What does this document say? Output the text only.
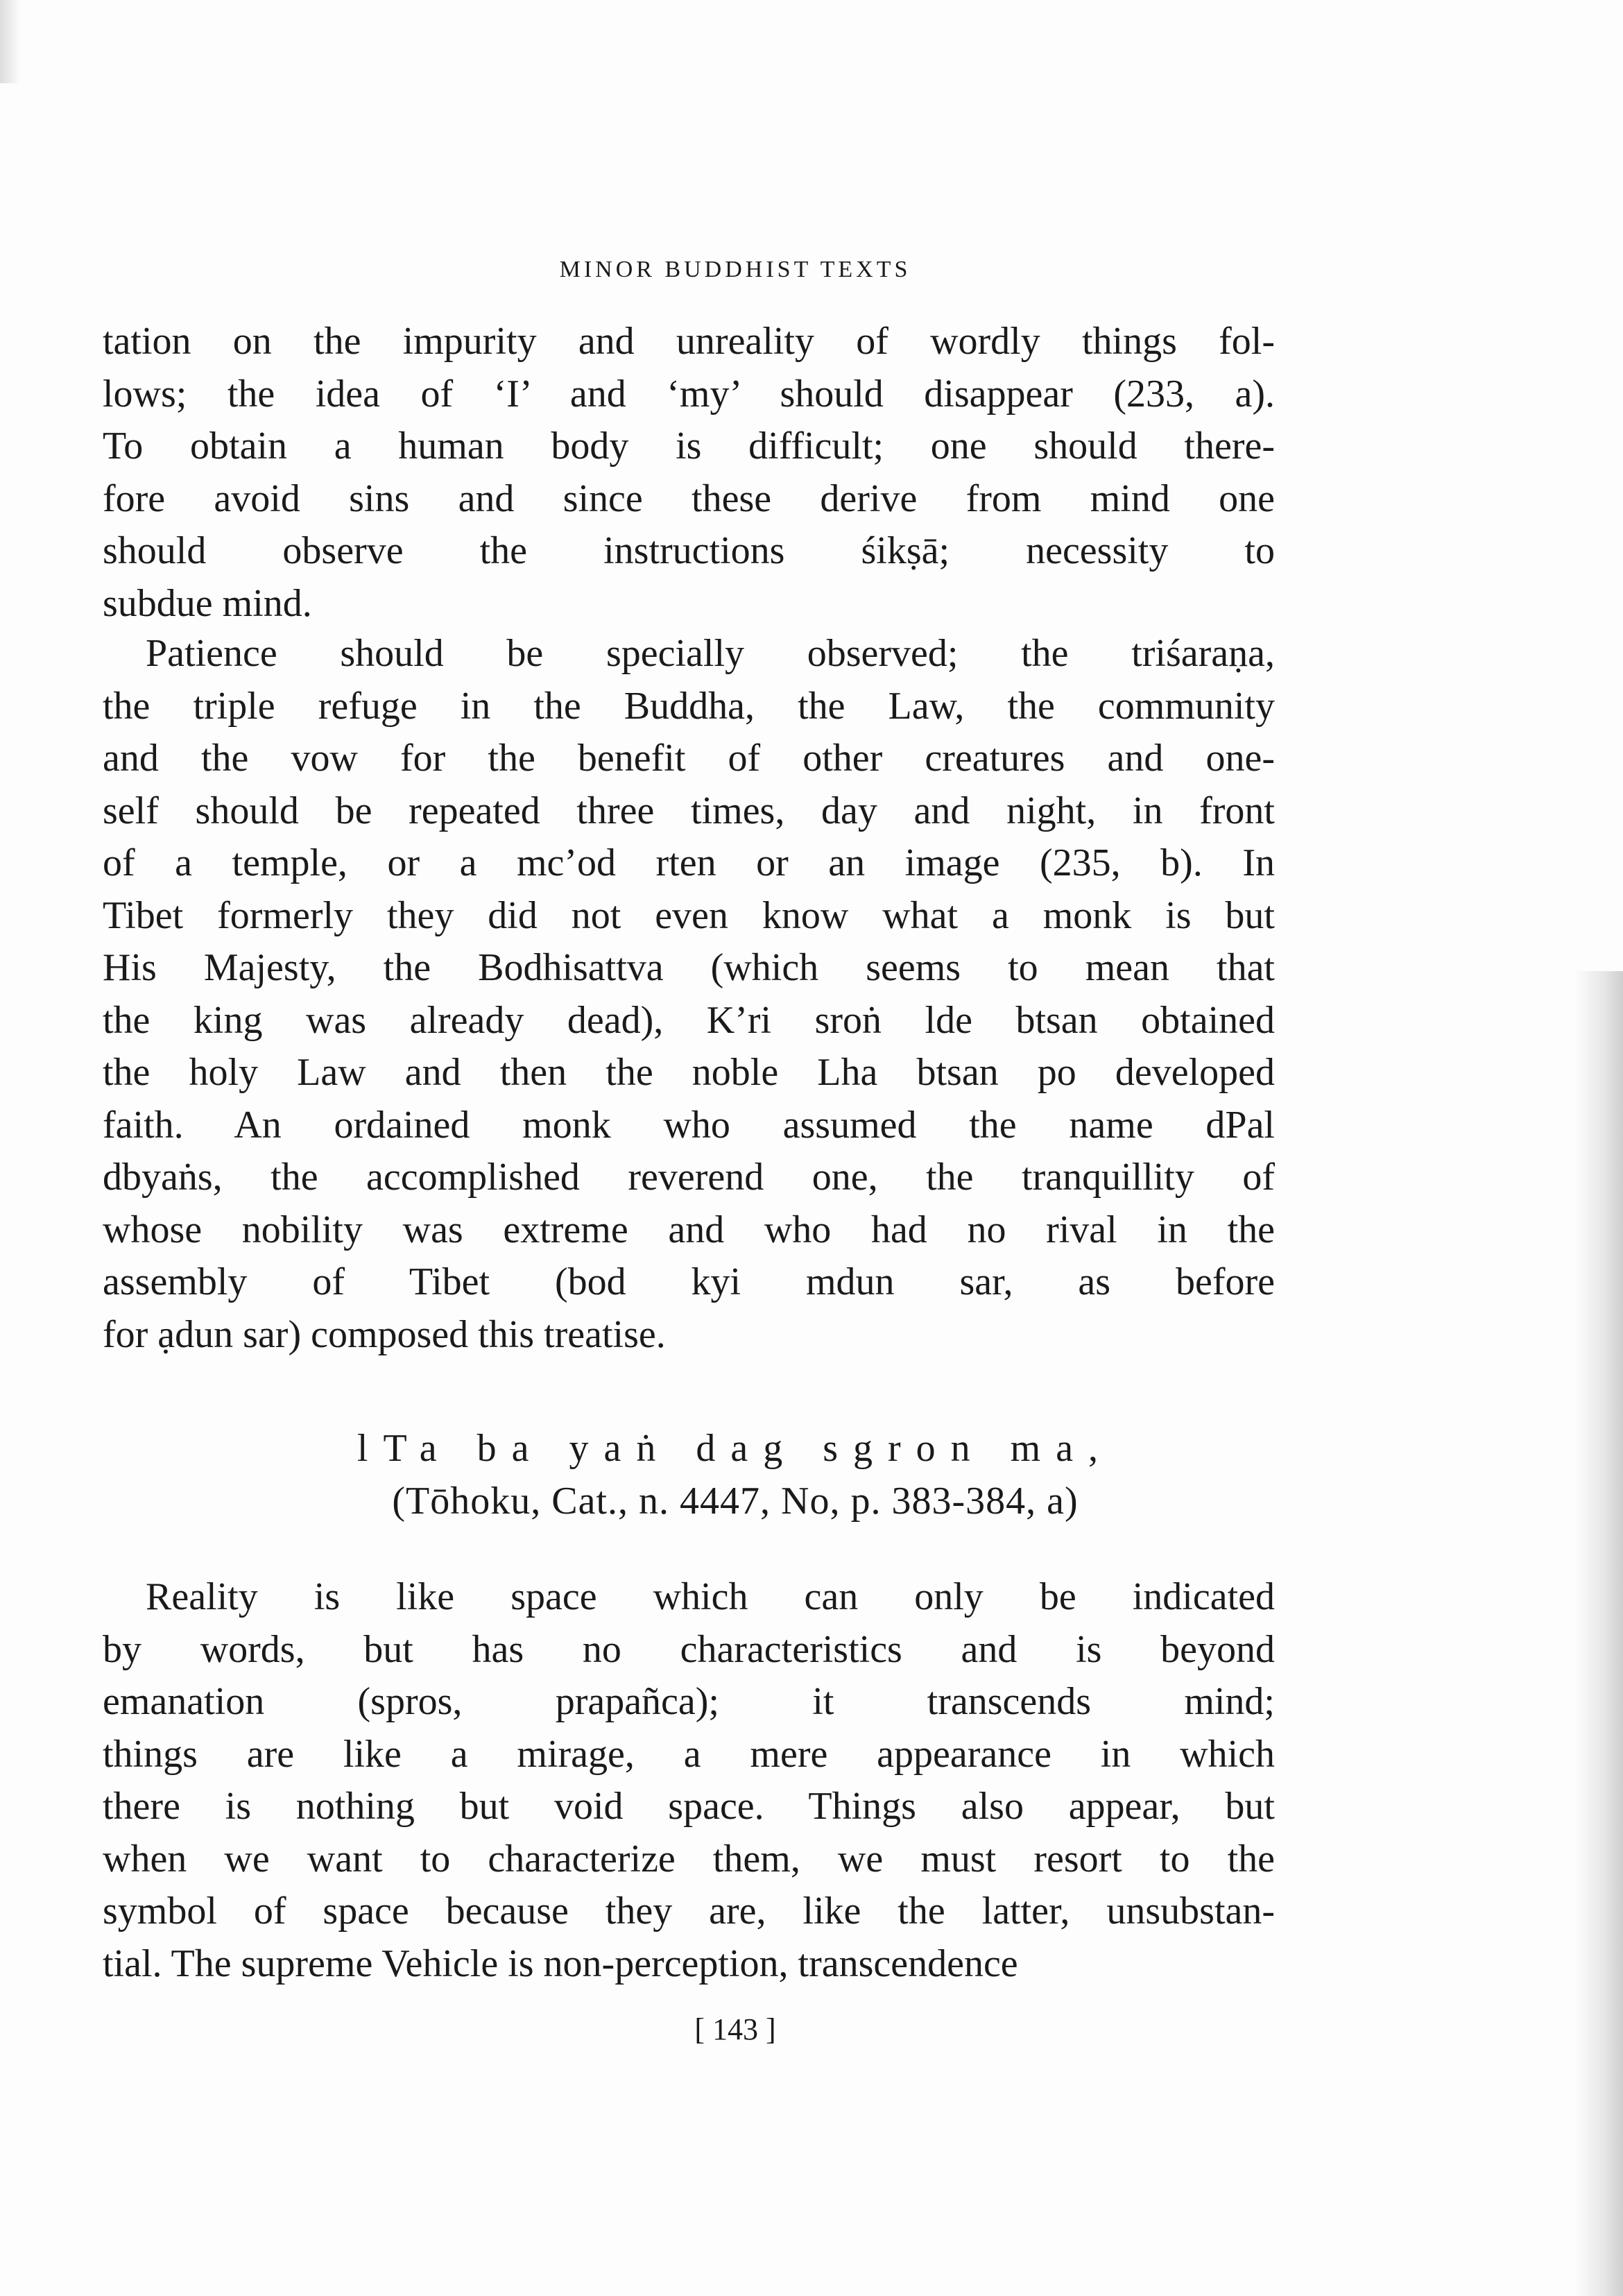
MINOR BUDDHIST TEXTS
tation on the impurity and unreality of wordly things fol-
lows; the idea of ‘I’ and ‘my’ should disappear (233, a).
To obtain a human body is difficult; one should there-
fore avoid sins and since these derive from mind one
should observe the instructions śikṣā; necessity to
subdue mind.
Patience should be specially observed; the triśaraṇa,
the triple refuge in the Buddha, the Law, the community
and the vow for the benefit of other creatures and one-
self should be repeated three times, day and night, in front
of a temple, or a mc’od rten or an image (235, b). In
Tibet formerly they did not even know what a monk is but
His Majesty, the Bodhisattva (which seems to mean that
the king was already dead), K’ri sroṅ lde btsan obtained
the holy Law and then the noble Lha btsan po developed
faith. An ordained monk who assumed the name dPal
dbyaṅs, the accomplished reverend one, the tranquillity of
whose nobility was extreme and who had no rival in the
assembly of Tibet (bod kyi mdun sar, as before
for ạdun sar) composed this treatise.
lTa ba yaṅ dag sgron ma,
(Tōhoku, Cat., n. 4447, No, p. 383-384, a)
Reality is like space which can only be indicated
by words, but has no characteristics and is beyond
emanation (spros, prapañca); it transcends mind;
things are like a mirage, a mere appearance in which
there is nothing but void space. Things also appear, but
when we want to characterize them, we must resort to the
symbol of space because they are, like the latter, unsubstan-
tial. The supreme Vehicle is non-perception, transcendence
[ 143 ]
